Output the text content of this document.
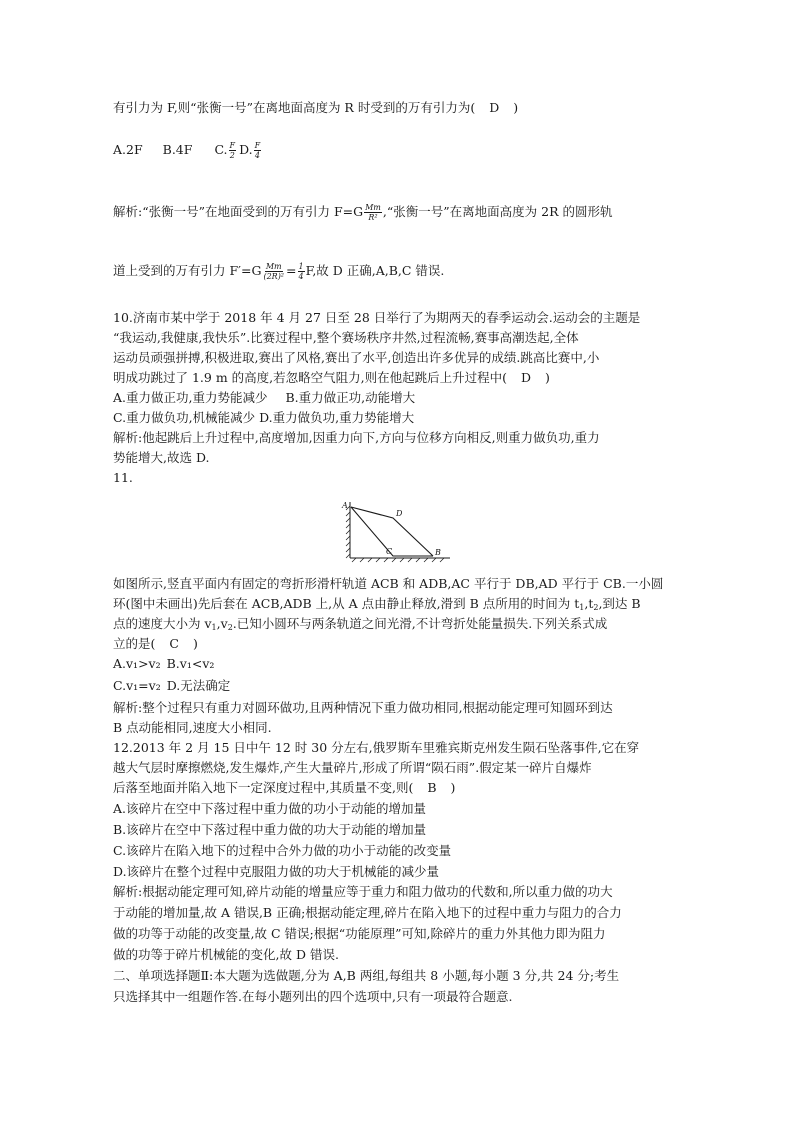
有引力为 F,则“张衡一号”在离地面高度为 R 时受到的万有引力为( D )
A.2F B.4F C. $\frac{F}{2} D$. $\frac{F}{4}$
解析:“张衡一号”在地面受到的万有引力 $F=G \frac{Mm}{\text{R²}}$ ,“张衡一号”在离地面高度为 2R 的圆形轨
道上受到的万有引力 $F'=G \frac{Mm}{\text{(2R)²}} = \frac{1}{4} F$,故 D 正确,A,B,C 错误.
10.济南市某中学于 2018 年 4 月 27 日至 28 日举行了为期两天的春季运动会.运动会的主题是
“我运动,我健康,我快乐”.比赛过程中,整个赛场秩序井然,过程流畅,赛事高潮迭起,全体
运动员顽强拼搏,积极进取,赛出了风格,赛出了水平,创造出许多优异的成绩.跳高比赛中,小
明成功跳过了 1.9 m 的高度,若忽略空气阻力,则在他起跳后上升过程中( D )
A.重力做正功,重力势能减少 B.重力做正功,动能增大
C.重力做负功,机械能减少 D.重力做负功,重力势能增大
解析:他起跳后上升过程中,高度增加,因重力向下,方向与位移方向相反,则重力做负功,重力
势能增大,故选 D.
11.
A
D
C	B
如图所示,竖直平面内有固定的弯折形滑杆轨道 ACB 和 ADB,AC 平行于 DB,AD 平行于 CB.一小圆
环(图中未画出)先后套在 ACB,ADB 上,从 A 点由静止释放,滑到 B 点所用的时间为 $t_1,t_2$,到达 B
点的速度大小为 $v_1,v_2$.已知小圆环与两条轨道之间光滑,不计弯折处能量损失.下列关系式成
立的是( C )
A.v₁>v₂ B.v₁<v₂
C.v₁=v₂ D.无法确定
解析:整个过程只有重力对圆环做功,且两种情况下重力做功相同,根据动能定理可知圆环到达
B 点动能相同,速度大小相同.
12.2013 年 2 月 15 日中午 12 时 30 分左右,俄罗斯车里雅宾斯克州发生陨石坠落事件,它在穿
越大气层时摩擦燃烧,发生爆炸,产生大量碎片,形成了所谓“陨石雨”.假定某一碎片自爆炸
后落至地面并陷入地下一定深度过程中,其质量不变,则( B )
A.该碎片在空中下落过程中重力做的功小于动能的增加量
B.该碎片在空中下落过程中重力做的功大于动能的增加量
C.该碎片在陷入地下的过程中合外力做的功小于动能的改变量
D.该碎片在整个过程中克服阻力做的功大于机械能的减少量
解析:根据动能定理可知,碎片动能的增量应等于重力和阻力做功的代数和,所以重力做的功大
于动能的增加量,故 A 错误,B 正确;根据动能定理,碎片在陷入地下的过程中重力与阻力的合力
做的功等于动能的改变量,故 C 错误;根据“功能原理”可知,除碎片的重力外其他力即为阻力
做的功等于碎片机械能的变化,故 D 错误.
二、单项选择题Ⅱ:本大题为选做题,分为 A,B 两组,每组共 8 小题,每小题 3 分,共 24 分;考生
只选择其中一组题作答.在每小题列出的四个选项中,只有一项最符合题意.
